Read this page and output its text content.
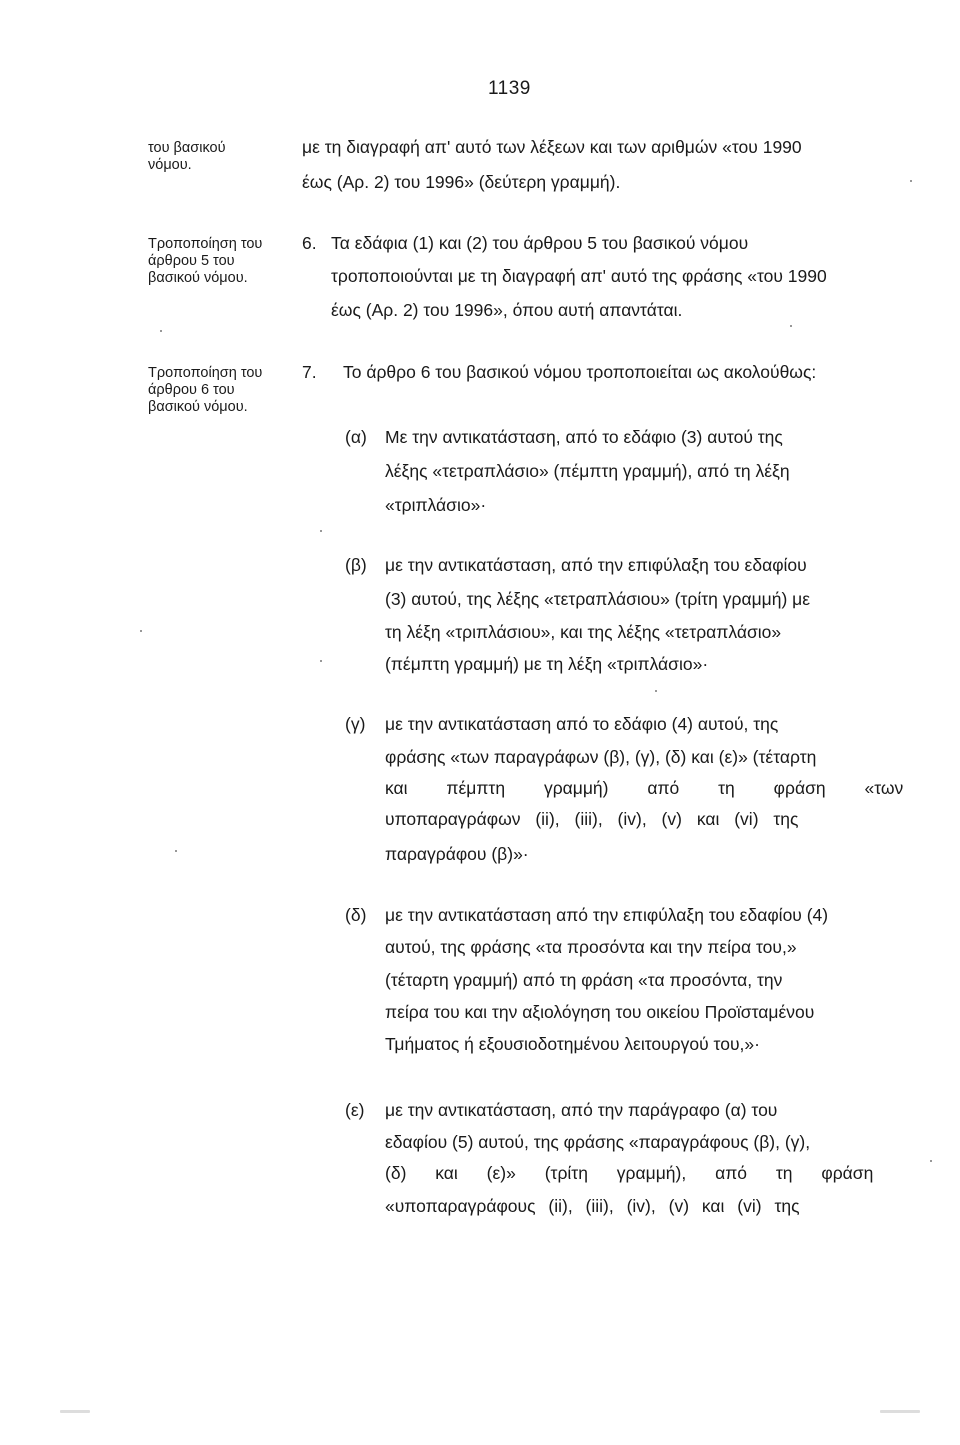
1139
του βασικού νόμου.
Τροποποίηση του άρθρου 5 του βασικού νόμου.
Τροποποίηση του άρθρου 6 του βασικού νόμου.
με τη διαγραφή απ' αυτό των λέξεων και των αριθμών «του 1990
έως (Αρ. 2) του 1996» (δεύτερη γραμμή).
6. Τα εδάφια (1) και (2) του άρθρου 5 του βασικού νόμου
τροποποιούνται με τη διαγραφή απ' αυτό της φράσης «του 1990
έως (Αρ. 2) του 1996», όπου αυτή απαντάται.
7. Το άρθρο 6 του βασικού νόμου τροποποιείται ως ακολούθως:
(α) Με την αντικατάσταση, από το εδάφιο (3) αυτού της
λέξης «τετραπλάσιο» (πέμπτη γραμμή), από τη λέξη
«τριπλάσιο»·
(β) με την αντικατάσταση, από την επιφύλαξη του εδαφίου
(3) αυτού, της λέξης «τετραπλάσιου» (τρίτη γραμμή) με
τη λέξη «τριπλάσιου», και της λέξης «τετραπλάσιο»
(πέμπτη γραμμή) με τη λέξη «τριπλάσιο»·
(γ) με την αντικατάσταση από το εδάφιο (4) αυτού, της
φράσης «των παραγράφων (β), (γ), (δ) και (ε)» (τέταρτη
και πέμπτη γραμμή) από τη φράση «των
υποπαραγράφων (ii), (iii), (iv), (v) και (vi) της
παραγράφου (β)»·
(δ) με την αντικατάσταση από την επιφύλαξη του εδαφίου (4)
αυτού, της φράσης «τα προσόντα και την πείρα του,»
(τέταρτη γραμμή) από τη φράση «τα προσόντα, την
πείρα του και την αξιολόγηση του οικείου Προϊσταμένου
Τμήματος ή εξουσιοδοτημένου λειτουργού του,»·
(ε) με την αντικατάσταση, από την παράγραφο (α) του
εδαφίου (5) αυτού, της φράσης «παραγράφους (β), (γ),
(δ) και (ε)» (τρίτη γραμμή), από τη φράση
«υποπαραγράφους (ii), (iii), (iv), (v) και (vi) της
